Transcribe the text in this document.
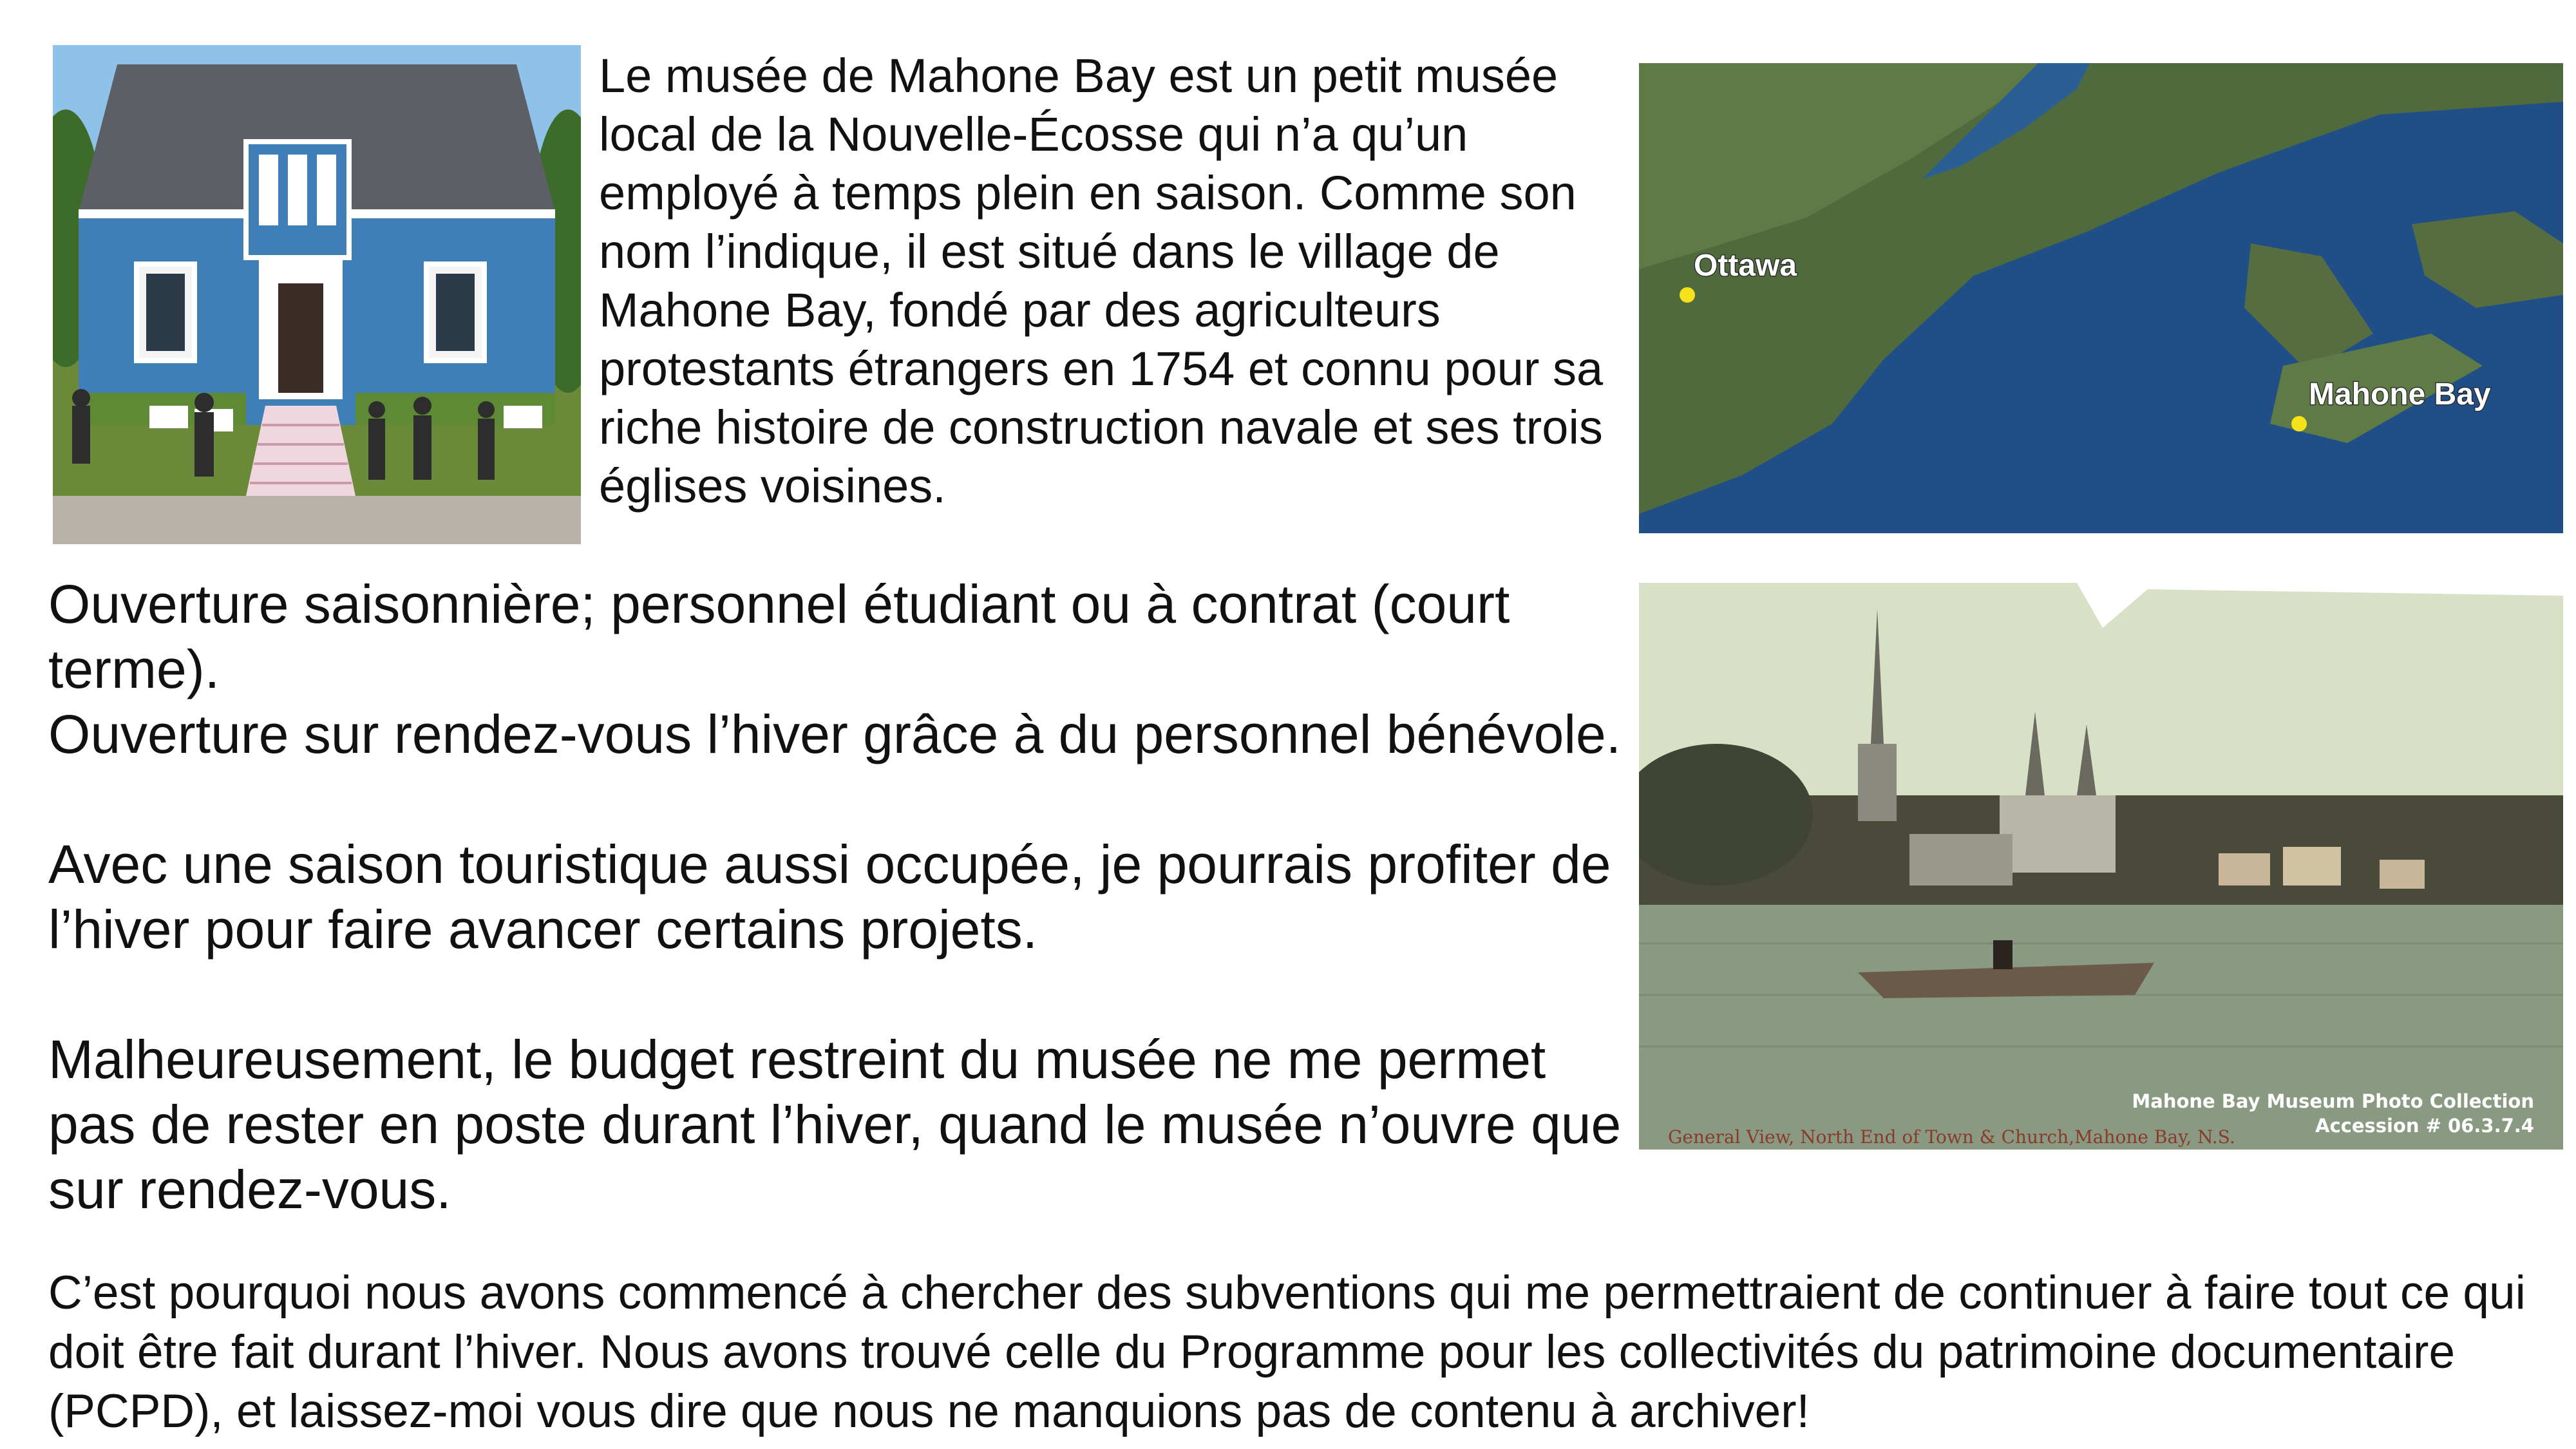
Le musée de Mahone Bay est un petit musée local de la Nouvelle-Écosse qui n’a qu’un employé à temps plein en saison. Comme son nom l’indique, il est situé dans le village de Mahone Bay, fondé par des agriculteurs protestants étrangers en 1754 et connu pour sa riche histoire de construction navale et ses trois églises voisines.

Ottawa
Mahone Bay

Ouverture saisonnière; personnel étudiant ou à contrat (court terme).

Ouverture sur rendez-vous l’hiver grâce à du personnel bénévole.

Avec une saison touristique aussi occupée, je pourrais profiter de l’hiver pour faire avancer certains projets.

Malheureusement, le budget restreint du musée ne me permet pas de rester en poste durant l’hiver, quand le musée n’ouvre que sur rendez-vous.

General View, North End of Town & Church,Mahone Bay, N.S.
Mahone Bay Museum Photo Collection
Accession # 06.3.7.4

C’est pourquoi nous avons commencé à chercher des subventions qui me permettraient de continuer à faire tout ce qui doit être fait durant l’hiver. Nous avons trouvé celle du Programme pour les collectivités du patrimoine documentaire (PCPD), et laissez-moi vous dire que nous ne manquions pas de contenu à archiver!
